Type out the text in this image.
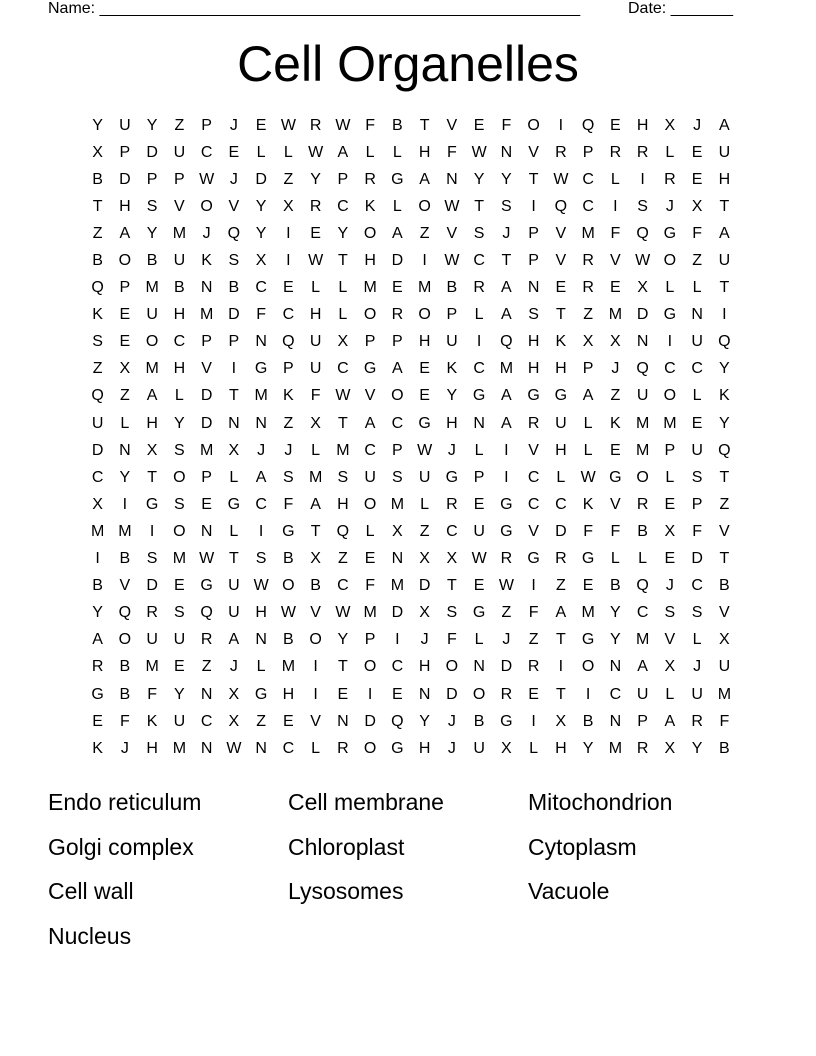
Name: ______________________________________________________	Date: _______
Cell Organelles
Y	U	Y	Z	P	J	E W R W F	B	T	V	E	F	O	I	Q E	H	X	J	A
X	P	D U C	E	L	L W A	L	L	H	F W N	V	R	P	R R	L	E	U
B	D	P	P W J	D	Z	Y	P	R G A	N	Y	Y	T W C	L	I	R	E	H
T	H	S	V O V	Y	X	R C	K	L	O W T	S	I	Q C	I	S	J	X	T
Z	A	Y M	J	Q Y	I	E	Y O A	Z	V	S	J	P	V M F	Q G	F	A
B O B	U	K	S	X	I	W T	H D	I	W C	T	P	V	R	V W O	Z	U
Q P M B	N	B	C	E	L	L	M E M B	R	A	N	E	R	E	X	L	L	T
K	E	U H M D	F	C H	L	O R O P	L	A	S	T	Z M D G N	I
S	E O C	P	P	N Q U	X	P	P	H U	I	Q H	K	X	X	N	I	U Q
Z	X M H	V	I	G P	U C G A	E	K	C M H H	P	J	Q C C	Y
Q	Z	A	L	D	T M K	F W V O E	Y G A G G A	Z	U O	L	K
U	L	H	Y	D N N	Z	X	T	A	C G H N	A	R U	L	K M M E	Y
D N	X	S M X	J	J	L	M C	P W J	L	I	V	H	L	E M P	U Q
C	Y	T	O P	L	A	S M S	U	S	U G P	I	C	L W G O	L	S	T
X	I	G S	E G C	F	A	H O M	L	R	E G C C	K	V	R	E	P	Z
M M	I	O N	L	I	G	T	Q	L	X	Z	C U G V	D	F	F	B	X	F	V
I	B	S M W T	S	B	X	Z	E	N	X	X W R G R G	L	L	E	D	T
B	V	D	E G U W O B	C	F M D	T	E W	I	Z	E	B Q	J	C	B
Y Q R	S Q U H W V W M D	X	S G	Z	F	A M Y	C	S	S	V
A O U U R	A	N	B O Y	P	I	J	F	L	J	Z	T	G Y M V	L	X
R	B M E	Z	J	L	M	I	T	O C H O N D R	I	O N	A	X	J	U
G B	F	Y	N	X G H	I	E	I	E	N D O R	E	T	I	C U	L	U M
E	F	K	U C	X	Z	E	V	N D Q Y	J	B G	I	X	B	N	P	A	R	F
K	J	H M N W N C	L	R O G H	J	U	X	L	H	Y M R	X	Y	B
Endo reticulum	Cell membrane	Mitochondrion
Golgi complex	Chloroplast	Cytoplasm
Cell wall	Lysosomes	Vacuole
Nucleus
